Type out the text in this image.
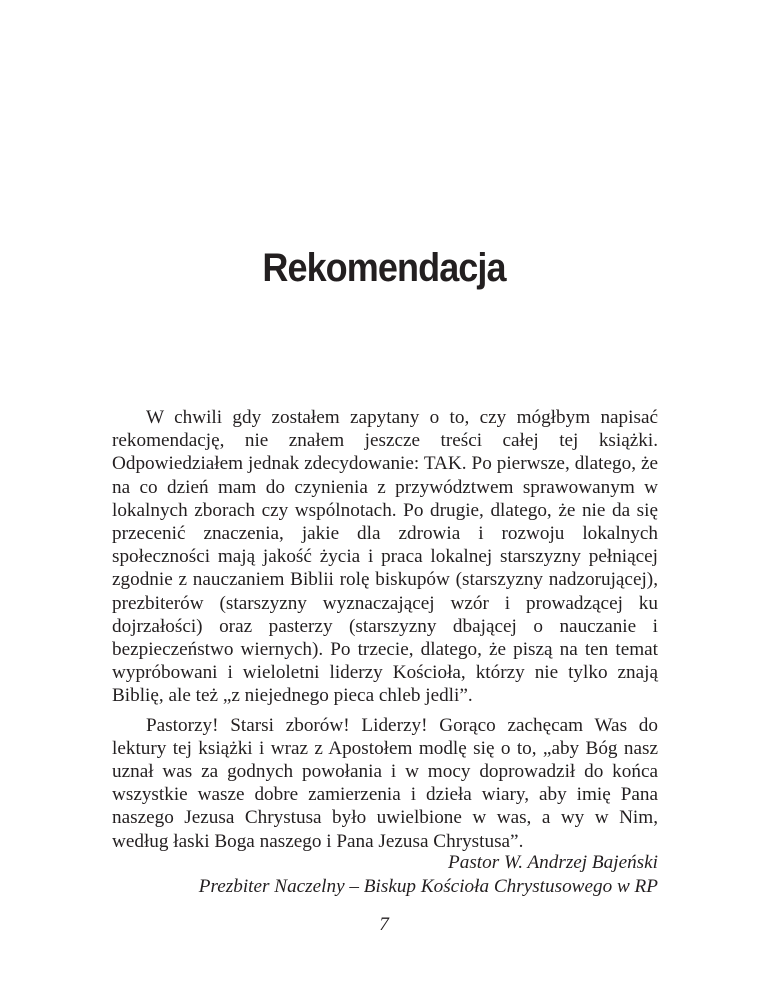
Rekomendacja

W chwili gdy zostałem zapytany o to, czy mógłbym napisać rekomendację, nie znałem jeszcze treści całej tej książki. Odpowiedziałem jednak zdecydowanie: TAK. Po pierwsze, dlatego, że na co dzień mam do czynienia z przywództwem sprawowanym w lokalnych zborach czy wspólnotach. Po drugie, dlatego, że nie da się przecenić znaczenia, jakie dla zdrowia i rozwoju lokalnych społeczności mają jakość życia i praca lokalnej starszyzny pełniącej zgodnie z nauczaniem Biblii rolę biskupów (starszyzny nadzorującej), prezbiterów (starszyzny wyznaczającej wzór i prowadzącej ku dojrzałości) oraz pasterzy (starszyzny dbającej o nauczanie i bezpieczeństwo wiernych). Po trzecie, dlatego, że piszą na ten temat wypróbowani i wieloletni liderzy Kościoła, którzy nie tylko znają Biblię, ale też „z niejednego pieca chleb jedli”.

Pastorzy! Starsi zborów! Liderzy! Gorąco zachęcam Was do lektury tej książki i wraz z Apostołem modlę się o to, „aby Bóg nasz uznał was za godnych powołania i w mocy doprowadził do końca wszystkie wasze dobre zamierzenia i dzieła wiary, aby imię Pana naszego Jezusa Chrystusa było uwielbione w was, a wy w Nim, według łaski Boga naszego i Pana Jezusa Chrystusa”.

Pastor W. Andrzej Bajeński
Prezbiter Naczelny – Biskup Kościoła Chrystusowego w RP
7
